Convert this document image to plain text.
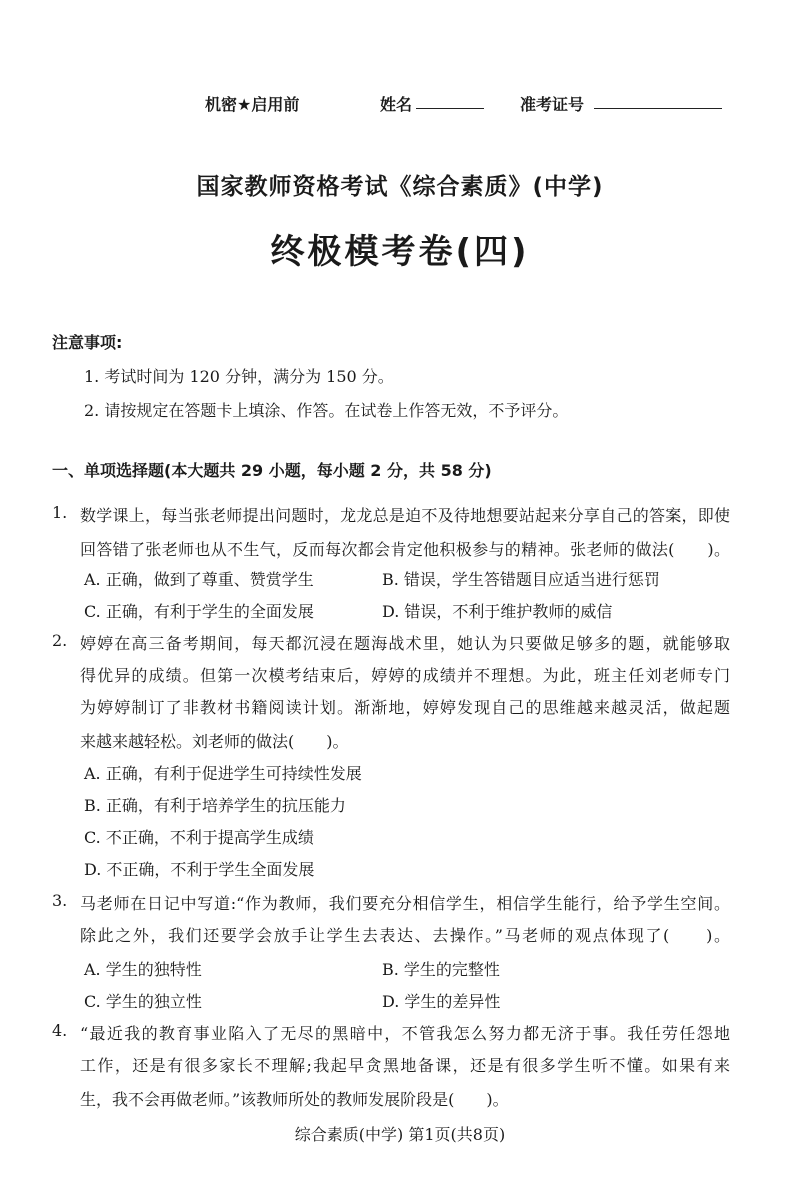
机密★启用前	姓名	准考证号
国家教师资格考试《综合素质》(中学)
终极模考卷(四)
注意事项:
1. 考试时间为 120 分钟，满分为 150 分。
2. 请按规定在答题卡上填涂、作答。在试卷上作答无效，不予评分。
一、单项选择题(本大题共 29 小题，每小题 2 分，共 58 分)
1. 数学课上，每当张老师提出问题时，龙龙总是迫不及待地想要站起来分享自己的答案，即使
回答错了张老师也从不生气，反而每次都会肯定他积极参与的精神。张老师的做法(　　)。
A. 正确，做到了尊重、赞赏学生	B. 错误，学生答错题目应适当进行惩罚
C. 正确，有利于学生的全面发展	D. 错误，不利于维护教师的威信
2. 婷婷在高三备考期间，每天都沉浸在题海战术里，她认为只要做足够多的题，就能够取
得优异的成绩。但第一次模考结束后，婷婷的成绩并不理想。为此，班主任刘老师专门
为婷婷制订了非教材书籍阅读计划。渐渐地，婷婷发现自己的思维越来越灵活，做起题
来越来越轻松。刘老师的做法(　　)。
A. 正确，有利于促进学生可持续性发展
B. 正确，有利于培养学生的抗压能力
C. 不正确，不利于提高学生成绩
D. 不正确，不利于学生全面发展
3. 马老师在日记中写道:“作为教师，我们要充分相信学生，相信学生能行，给予学生空间。
除此之外，我们还要学会放手让学生去表达、去操作。”马老师的观点体现了(　　)。
A. 学生的独特性	B. 学生的完整性
C. 学生的独立性	D. 学生的差异性
4. “最近我的教育事业陷入了无尽的黑暗中，不管我怎么努力都无济于事。我任劳任怨地
工作，还是有很多家长不理解;我起早贪黑地备课，还是有很多学生听不懂。如果有来
生，我不会再做老师。”该教师所处的教师发展阶段是(　　)。
综合素质(中学) 第1页(共8页)
